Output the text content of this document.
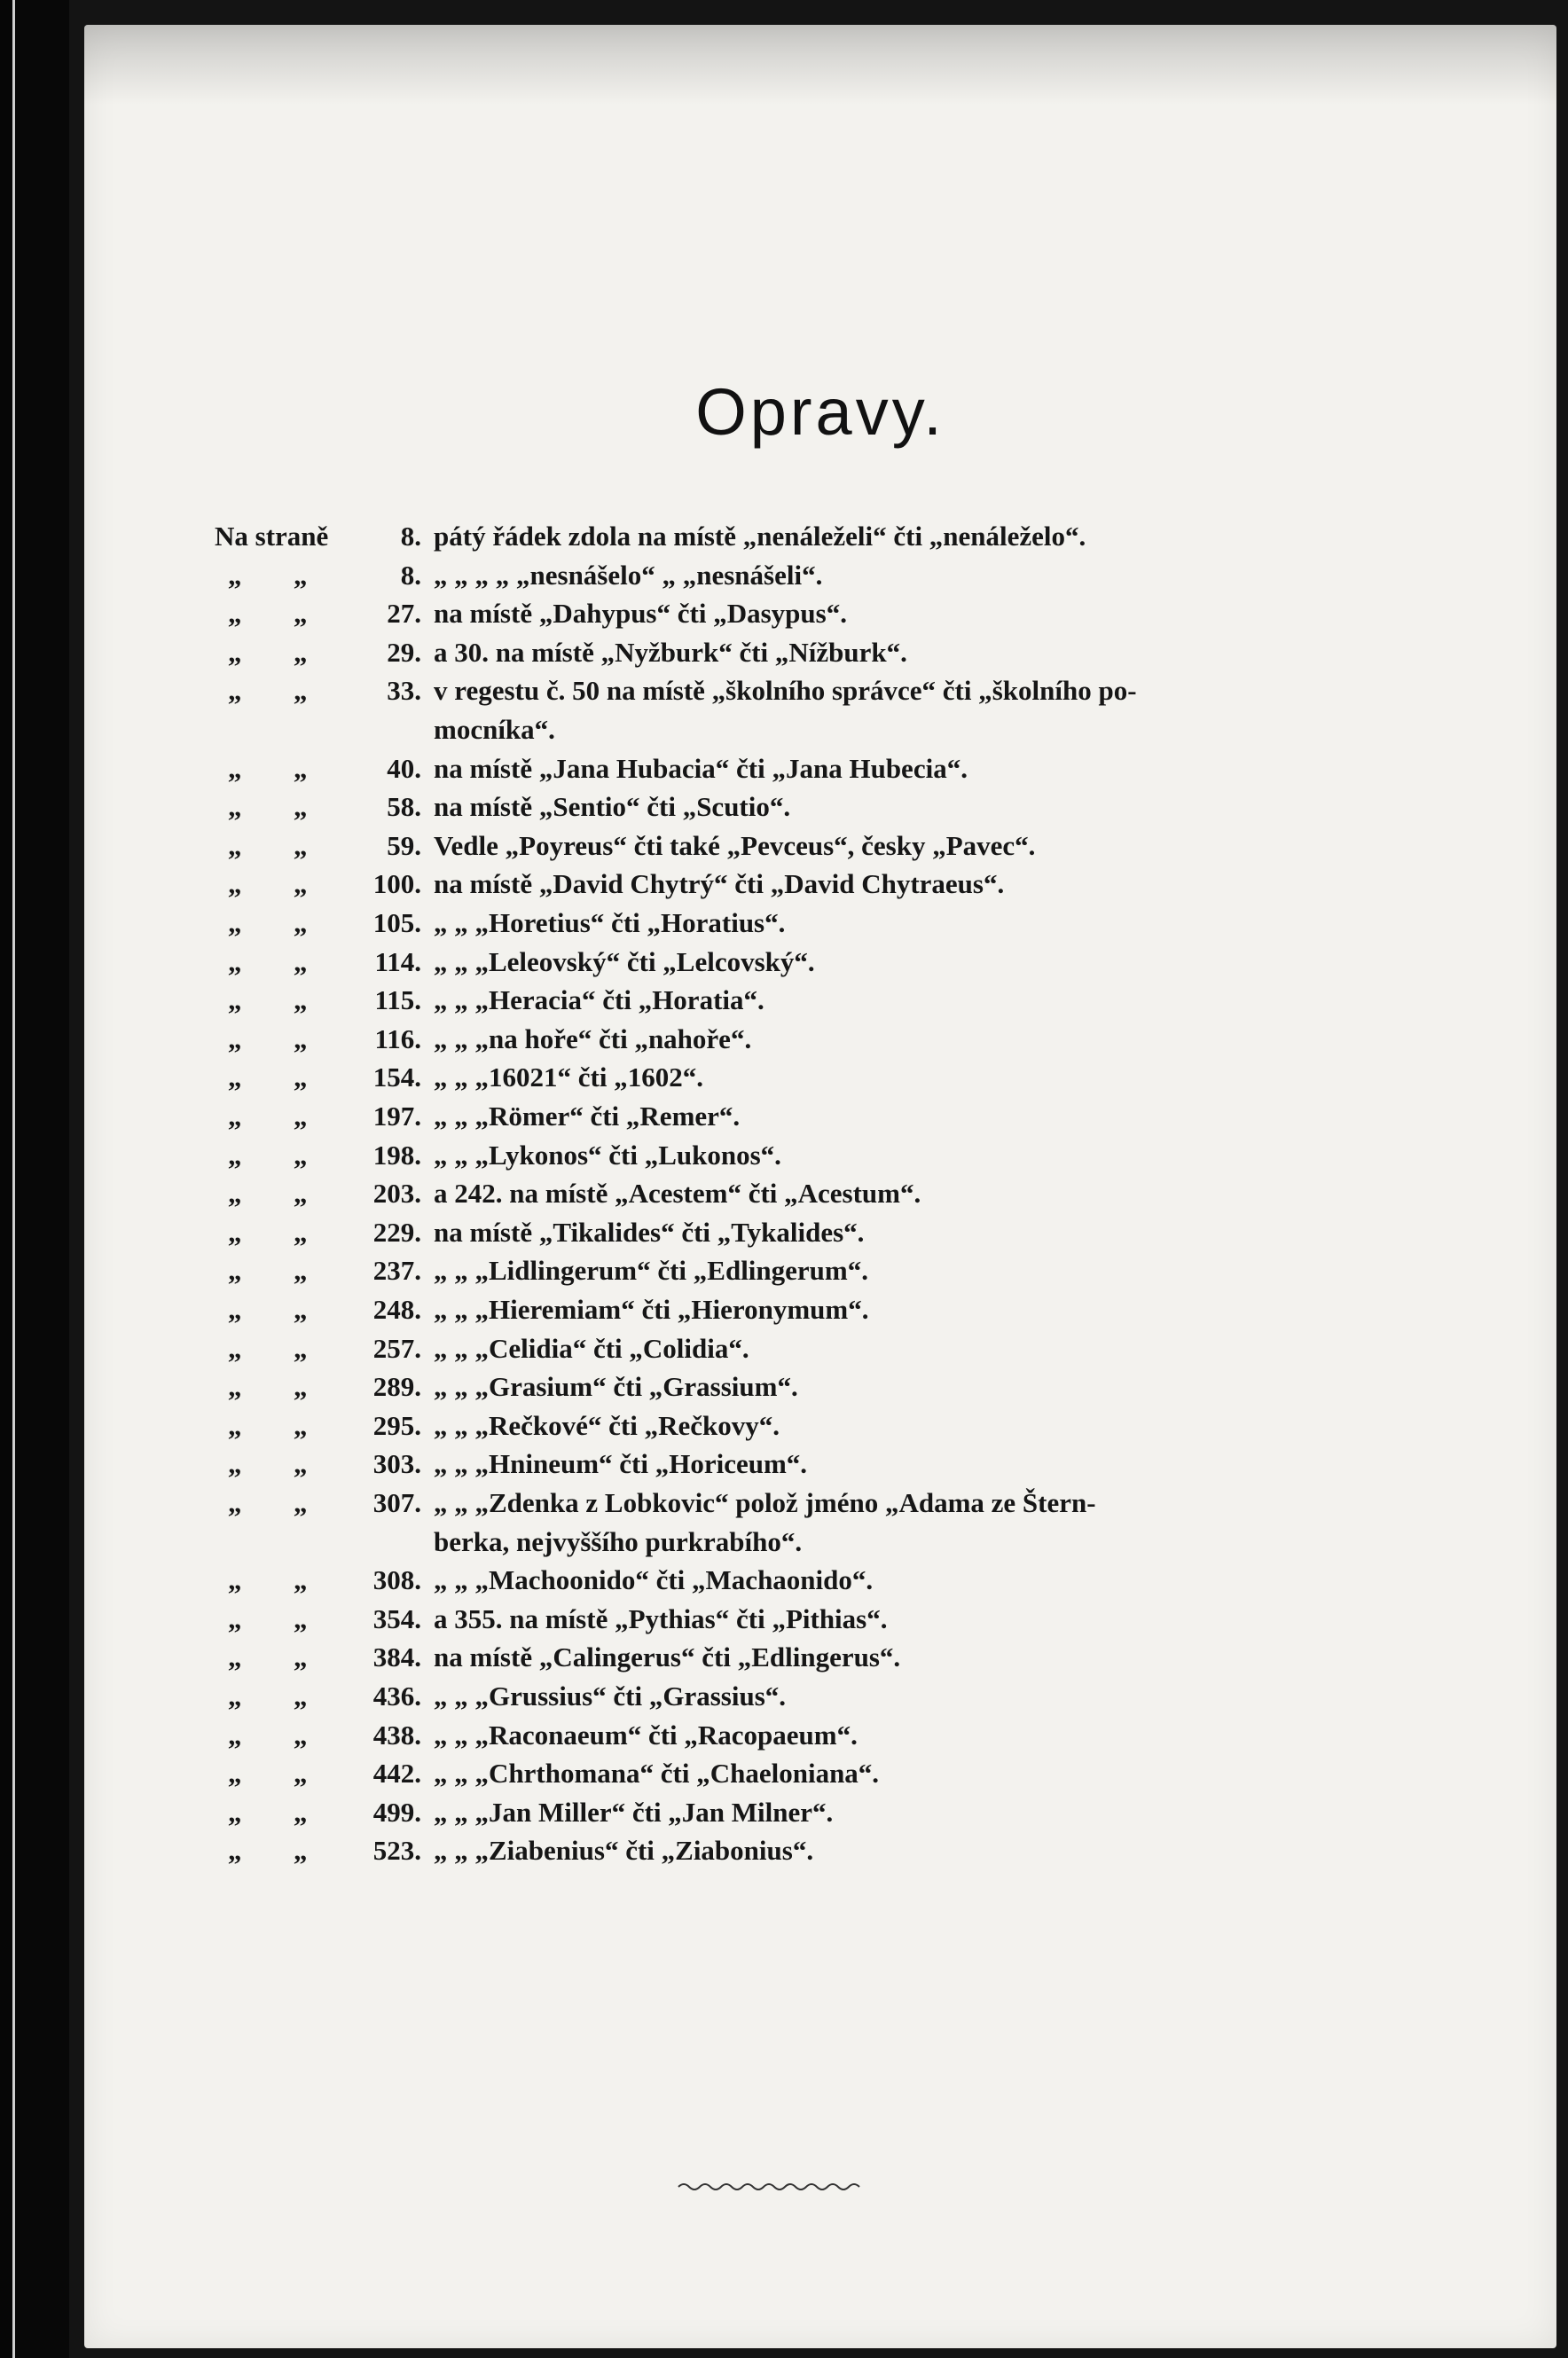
Opravy.
Na straně	8. pátý řádek zdola na místě „nenáleželi“ čti „nenáleželo“.
„ „	8. „ „ „ „ „nesnášelo“ „ „nesnášeli“.
„ „	27. na místě „Dahypus“ čti „Dasypus“.
„ „	29. a 30. na místě „Nyžburk“ čti „Nížburk“.
„ „	33. v regestu č. 50 na místě „školního správce“ čti „školního po-
mocníka“.
„ „	40. na místě „Jana Hubacia“ čti „Jana Hubecia“.
„ „	58. na místě „Sentio“ čti „Scutio“.
„ „	59. Vedle „Poyreus“ čti také „Pevceus“, česky „Pavec“.
„ „	100. na místě „David Chytrý“ čti „David Chytraeus“.
„ „	105. „ „ „Horetius“ čti „Horatius“.
„ „	114. „ „ „Leleovský“ čti „Lelcovský“.
„ „	115. „ „ „Heracia“ čti „Horatia“.
„ „	116. „ „ „na hoře“ čti „nahoře“.
„ „	154. „ „ „16021“ čti „1602“.
„ „	197. „ „ „Römer“ čti „Remer“.
„ „	198. „ „ „Lykonos“ čti „Lukonos“.
„ „	203. a 242. na místě „Acestem“ čti „Acestum“.
„ „	229. na místě „Tikalides“ čti „Tykalides“.
„ „	237. „ „ „Lidlingerum“ čti „Edlingerum“.
„ „	248. „ „ „Hieremiam“ čti „Hieronymum“.
„ „	257. „ „ „Celidia“ čti „Colidia“.
„ „	289. „ „ „Grasium“ čti „Grassium“.
„ „	295. „ „ „Rečkové“ čti „Rečkovy“.
„ „	303. „ „ „Hnineum“ čti „Horiceum“.
„ „	307. „ „ „Zdenka z Lobkovic“ polož jméno „Adama ze Štern-
berka, nejvyššího purkrabího“.
„ „	308. „ „ „Machoonido“ čti „Machaonido“.
„ „	354. a 355. na místě „Pythias“ čti „Pithias“.
„ „	384. na místě „Calingerus“ čti „Edlingerus“.
„ „	436. „ „ „Grussius“ čti „Grassius“.
„ „	438. „ „ „Raconaeum“ čti „Racopaeum“.
„ „	442. „ „ „Chrthomana“ čti „Chaeloniana“.
„ „	499. „ „ „Jan Miller“ čti „Jan Milner“.
„ „	523. „ „ „Ziabenius“ čti „Ziabonius“.
